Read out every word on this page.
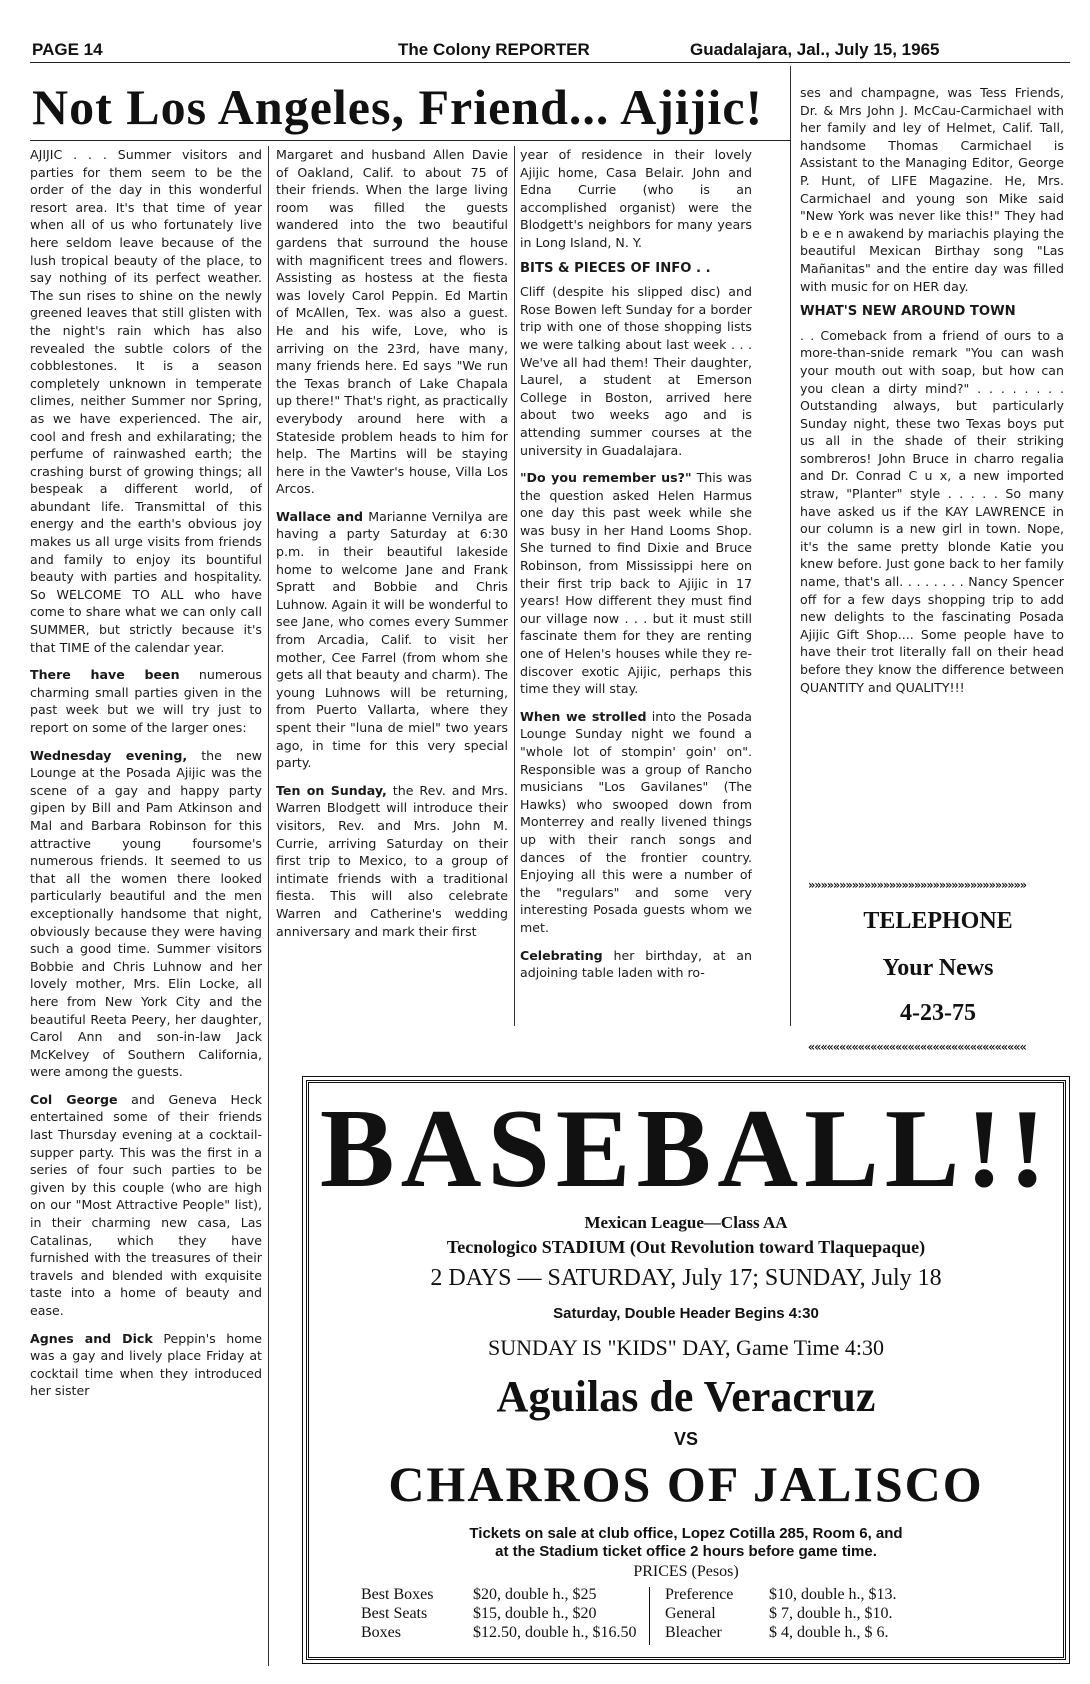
PAGE 14	The Colony REPORTER	Guadalajara, Jal., July 15, 1965
Not Los Angeles, Friend... Ajijic!

AJIJIC . . . Summer visitors and parties for them seem to be the order of the day in this wonderful resort area. It's that time of year when all of us who fortunately live here seldom leave because of the lush tropical beauty of the place, to say nothing of its perfect weather. The sun rises to shine on the newly greened leaves that still glisten with the night's rain which has also revealed the subtle colors of the cobblestones. It is a season completely unknown in temperate climes, neither Summer nor Spring, as we have experienced. The air, cool and fresh and exhilarating; the perfume of rainwashed earth; the crashing burst of growing things; all bespeak a different world, of abundant life. Transmittal of this energy and the earth's obvious joy makes us all urge visits from friends and family to enjoy its bountiful beauty with parties and hospitality. So WELCOME TO ALL who have come to share what we can only call SUMMER, but strictly because it's that TIME of the calendar year.

There have been numerous charming small parties given in the past week but we will try just to report on some of the larger ones:

Wednesday evening, the new Lounge at the Posada Ajijic was the scene of a gay and happy party gipen by Bill and Pam Atkinson and Mal and Barbara Robinson for this attractive young foursome's numerous friends. It seemed to us that all the women there looked particularly beautiful and the men exceptionally handsome that night, obviously because they were having such a good time. Summer visitors Bobbie and Chris Luhnow and her lovely mother, Mrs. Elin Locke, all here from New York City and the beautiful Reeta Peery, her daughter, Carol Ann and son-in-law Jack McKelvey of Southern California, were among the guests.

Col George and Geneva Heck entertained some of their friends last Thursday evening at a cocktail-supper party. This was the first in a series of four such parties to be given by this couple (who are high on our "Most Attractive People" list), in their charming new casa, Las Catalinas, which they have furnished with the treasures of their travels and blended with exquisite taste into a home of beauty and ease.

Agnes and Dick Peppin's home was a gay and lively place Friday at cocktail time when they introduced her sister

Margaret and husband Allen Davie of Oakland, Calif. to about 75 of their friends. When the large living room was filled the guests wandered into the two beautiful gardens that surround the house with magnificent trees and flowers. Assisting as hostess at the fiesta was lovely Carol Peppin. Ed Martin of McAllen, Tex. was also a guest. He and his wife, Love, who is arriving on the 23rd, have many, many friends here. Ed says "We run the Texas branch of Lake Chapala up there!" That's right, as practically everybody around here with a Stateside problem heads to him for help. The Martins will be staying here in the Vawter's house, Villa Los Arcos.

Wallace and Marianne Vernilya are having a party Saturday at 6:30 p.m. in their beautiful lakeside home to welcome Jane and Frank Spratt and Bobbie and Chris Luhnow. Again it will be wonderful to see Jane, who comes every Summer from Arcadia, Calif. to visit her mother, Cee Farrel (from whom she gets all that beauty and charm). The young Luhnows will be returning, from Puerto Vallarta, where they spent their "luna de miel" two years ago, in time for this very special party.

Ten on Sunday, the Rev. and Mrs. Warren Blodgett will introduce their visitors, Rev. and Mrs. John M. Currie, arriving Saturday on their first trip to Mexico, to a group of intimate friends with a traditional fiesta. This will also celebrate Warren and Catherine's wedding anniversary and mark their first

year of residence in their lovely Ajijic home, Casa Belair. John and Edna Currie (who is an accomplished organist) were the Blodgett's neighbors for many years in Long Island, N. Y.

BITS & PIECES OF INFO . .

Cliff (despite his slipped disc) and Rose Bowen left Sunday for a border trip with one of those shopping lists we were talking about last week . . . We've all had them! Their daughter, Laurel, a student at Emerson College in Boston, arrived here about two weeks ago and is attending summer courses at the university in Guadalajara.

"Do you remember us?" This was the question asked Helen Harmus one day this past week while she was busy in her Hand Looms Shop. She turned to find Dixie and Bruce Robinson, from Mississippi here on their first trip back to Ajijic in 17 years! How different they must find our village now . . . but it must still fascinate them for they are renting one of Helen's houses while they re-discover exotic Ajijic, perhaps this time they will stay.

When we strolled into the Posada Lounge Sunday night we found a "whole lot of stompin' goin' on". Responsible was a group of Rancho musicians "Los Gavilanes" (The Hawks) who swooped down from Monterrey and really livened things up with their ranch songs and dances of the frontier country. Enjoying all this were a number of the "regulars" and some very interesting Posada guests whom we met.

Celebrating her birthday, at an adjoining table laden with ro-

ses and champagne, was Tess Friends, Dr. & Mrs John J. McCau-Carmichael with her family and ley of Helmet, Calif. Tall, handsome Thomas Carmichael is Assistant to the Managing Editor, George P. Hunt, of LIFE Magazine. He, Mrs. Carmichael and young son Mike said "New York was never like this!" They had b e e n awakend by mariachis playing the beautiful Mexican Birthay song "Las Mañanitas" and the entire day was filled with music for on HER day.

WHAT'S NEW AROUND TOWN

. . Comeback from a friend of ours to a more-than-snide remark "You can wash your mouth out with soap, but how can you clean a dirty mind?" . . . . . . . . Outstanding always, but particularly Sunday night, these two Texas boys put us all in the shade of their striking sombreros! John Bruce in charro regalia and Dr. Conrad C u x, a new imported straw, "Planter" style . . . . . So many have asked us if the KAY LAWRENCE in our column is a new girl in town. Nope, it's the same pretty blonde Katie you knew before. Just gone back to her family name, that's all. . . . . . . . Nancy Spencer off for a few days shopping trip to add new delights to the fascinating Posada Ajijic Gift Shop.... Some people have to have their trot literally fall on their head before they know the difference between QUANTITY and QUALITY!!!

»»»»»»»»»»»»»»»»»»»»»»»»»»»»»»»»»»»
TELEPHONE
Your News
4-23-75
«««««««««««««««««««««««««««««««««««
BASEBALL!!
Mexican League—Class AA
Tecnologico STADIUM (Out Revolution toward Tlaquepaque)
2 DAYS — SATURDAY, July 17; SUNDAY, July 18
Saturday, Double Header Begins 4:30
SUNDAY IS "KIDS" DAY, Game Time 4:30
Aguilas de Veracruz
VS
CHARROS OF JALISCO
Tickets on sale at club office, Lopez Cotilla 285, Room 6, and
at the Stadium ticket office 2 hours before game time.
PRICES (Pesos)
Best Boxes	$20, double h., $25
Best Seats	$15, double h., $20
Boxes	$12.50, double h., $16.50
Preference	$10, double h., $13.
General	$ 7, double h., $10.
Bleacher	$ 4, double h., $ 6.
